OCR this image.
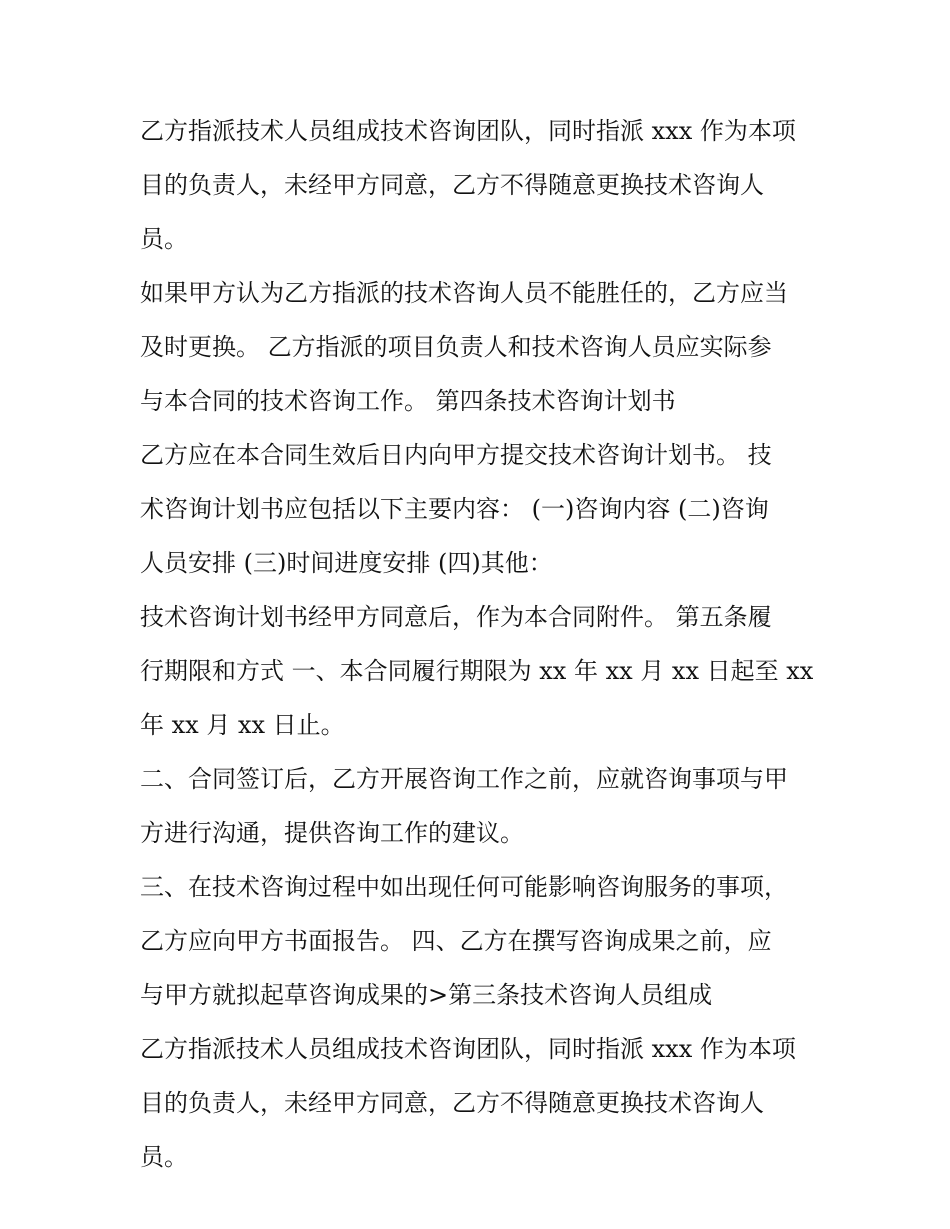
乙方指派技术人员组成技术咨询团队，同时指派 xxx 作为本项
目的负责人，未经甲方同意，乙方不得随意更换技术咨询人
员。
如果甲方认为乙方指派的技术咨询人员不能胜任的，乙方应当
及时更换。 乙方指派的项目负责人和技术咨询人员应实际参
与本合同的技术咨询工作。 第四条技术咨询计划书
乙方应在本合同生效后日内向甲方提交技术咨询计划书。 技
术咨询计划书应包括以下主要内容： (一)咨询内容 (二)咨询
人员安排 (三)时间进度安排 (四)其他：
技术咨询计划书经甲方同意后，作为本合同附件。 第五条履
行期限和方式 一、本合同履行期限为 xx 年 xx 月 xx 日起至 xx
年 xx 月 xx 日止。
二、合同签订后，乙方开展咨询工作之前，应就咨询事项与甲
方进行沟通，提供咨询工作的建议。
三、在技术咨询过程中如出现任何可能影响咨询服务的事项，
乙方应向甲方书面报告。 四、乙方在撰写咨询成果之前，应
与甲方就拟起草咨询成果的>第三条技术咨询人员组成
乙方指派技术人员组成技术咨询团队，同时指派 xxx 作为本项
目的负责人，未经甲方同意，乙方不得随意更换技术咨询人
员。
